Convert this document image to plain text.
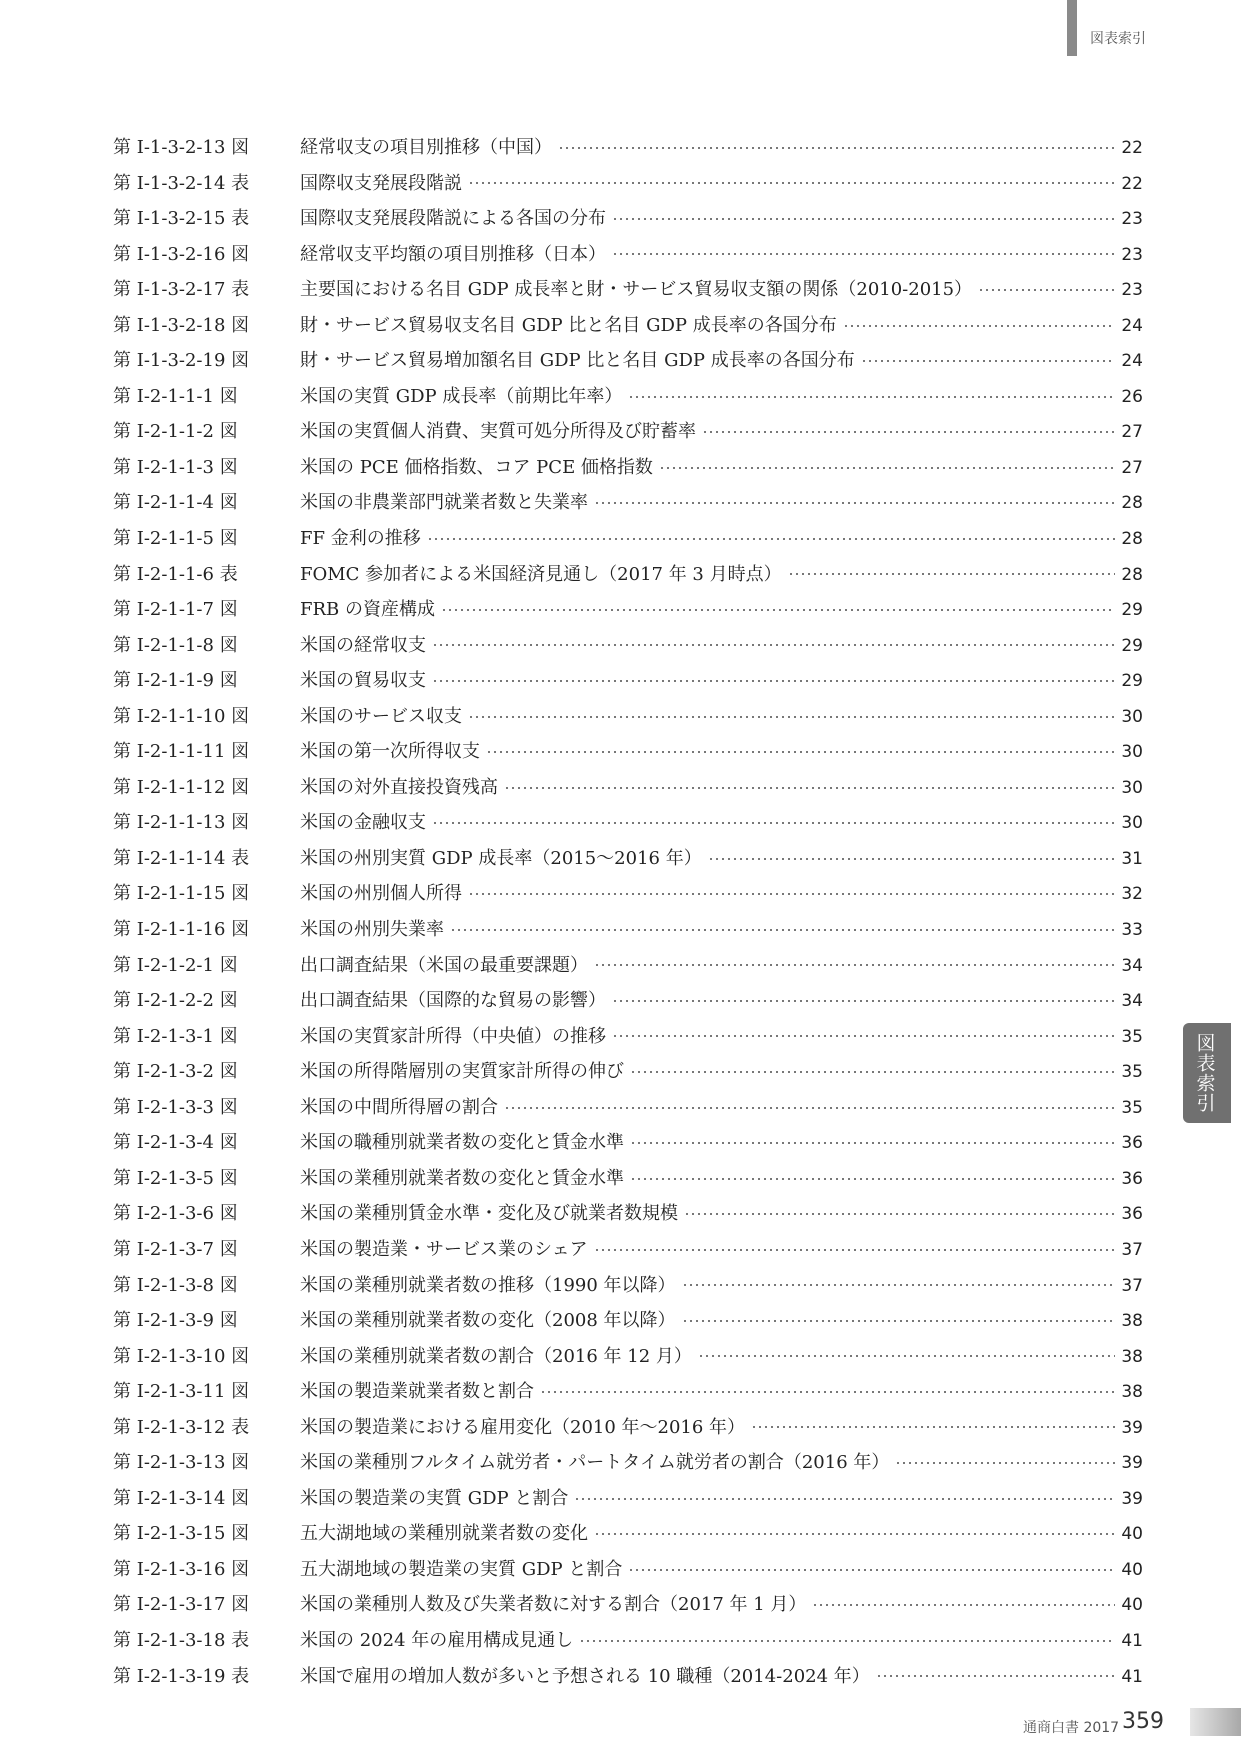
図表索引
第 I-1-3-2-13 図	経常収支の項目別推移（中国）	22
第 I-1-3-2-14 表	国際収支発展段階説	22
第 I-1-3-2-15 表	国際収支発展段階説による各国の分布	23
第 I-1-3-2-16 図	経常収支平均額の項目別推移（日本）	23
第 I-1-3-2-17 表	主要国における名目 GDP 成長率と財・サービス貿易収支額の関係（2010-2015）	23
第 I-1-3-2-18 図	財・サービス貿易収支名目 GDP 比と名目 GDP 成長率の各国分布	24
第 I-1-3-2-19 図	財・サービス貿易増加額名目 GDP 比と名目 GDP 成長率の各国分布	24
第 I-2-1-1-1 図	米国の実質 GDP 成長率（前期比年率）	26
第 I-2-1-1-2 図	米国の実質個人消費、実質可処分所得及び貯蓄率	27
第 I-2-1-1-3 図	米国の PCE 価格指数、コア PCE 価格指数	27
第 I-2-1-1-4 図	米国の非農業部門就業者数と失業率	28
第 I-2-1-1-5 図	FF 金利の推移	28
第 I-2-1-1-6 表	FOMC 参加者による米国経済見通し（2017 年 3 月時点）	28
第 I-2-1-1-7 図	FRB の資産構成	29
第 I-2-1-1-8 図	米国の経常収支	29
第 I-2-1-1-9 図	米国の貿易収支	29
第 I-2-1-1-10 図	米国のサービス収支	30
第 I-2-1-1-11 図	米国の第一次所得収支	30
第 I-2-1-1-12 図	米国の対外直接投資残高	30
第 I-2-1-1-13 図	米国の金融収支	30
第 I-2-1-1-14 表	米国の州別実質 GDP 成長率（2015～2016 年）	31
第 I-2-1-1-15 図	米国の州別個人所得	32
第 I-2-1-1-16 図	米国の州別失業率	33
第 I-2-1-2-1 図	出口調査結果（米国の最重要課題）	34
第 I-2-1-2-2 図	出口調査結果（国際的な貿易の影響）	34
第 I-2-1-3-1 図	米国の実質家計所得（中央値）の推移	35
第 I-2-1-3-2 図	米国の所得階層別の実質家計所得の伸び	35
第 I-2-1-3-3 図	米国の中間所得層の割合	35
第 I-2-1-3-4 図	米国の職種別就業者数の変化と賃金水準	36
第 I-2-1-3-5 図	米国の業種別就業者数の変化と賃金水準	36
第 I-2-1-3-6 図	米国の業種別賃金水準・変化及び就業者数規模	36
第 I-2-1-3-7 図	米国の製造業・サービス業のシェア	37
第 I-2-1-3-8 図	米国の業種別就業者数の推移（1990 年以降）	37
第 I-2-1-3-9 図	米国の業種別就業者数の変化（2008 年以降）	38
第 I-2-1-3-10 図	米国の業種別就業者数の割合（2016 年 12 月）	38
第 I-2-1-3-11 図	米国の製造業就業者数と割合	38
第 I-2-1-3-12 表	米国の製造業における雇用変化（2010 年～2016 年）	39
第 I-2-1-3-13 図	米国の業種別フルタイム就労者・パートタイム就労者の割合（2016 年）	39
第 I-2-1-3-14 図	米国の製造業の実質 GDP と割合	39
第 I-2-1-3-15 図	五大湖地域の業種別就業者数の変化	40
第 I-2-1-3-16 図	五大湖地域の製造業の実質 GDP と割合	40
第 I-2-1-3-17 図	米国の業種別人数及び失業者数に対する割合（2017 年 1 月）	40
第 I-2-1-3-18 表	米国の 2024 年の雇用構成見通し	41
第 I-2-1-3-19 表	米国で雇用の増加人数が多いと予想される 10 職種（2014-2024 年）	41
図表索引
通商白書 2017 359
